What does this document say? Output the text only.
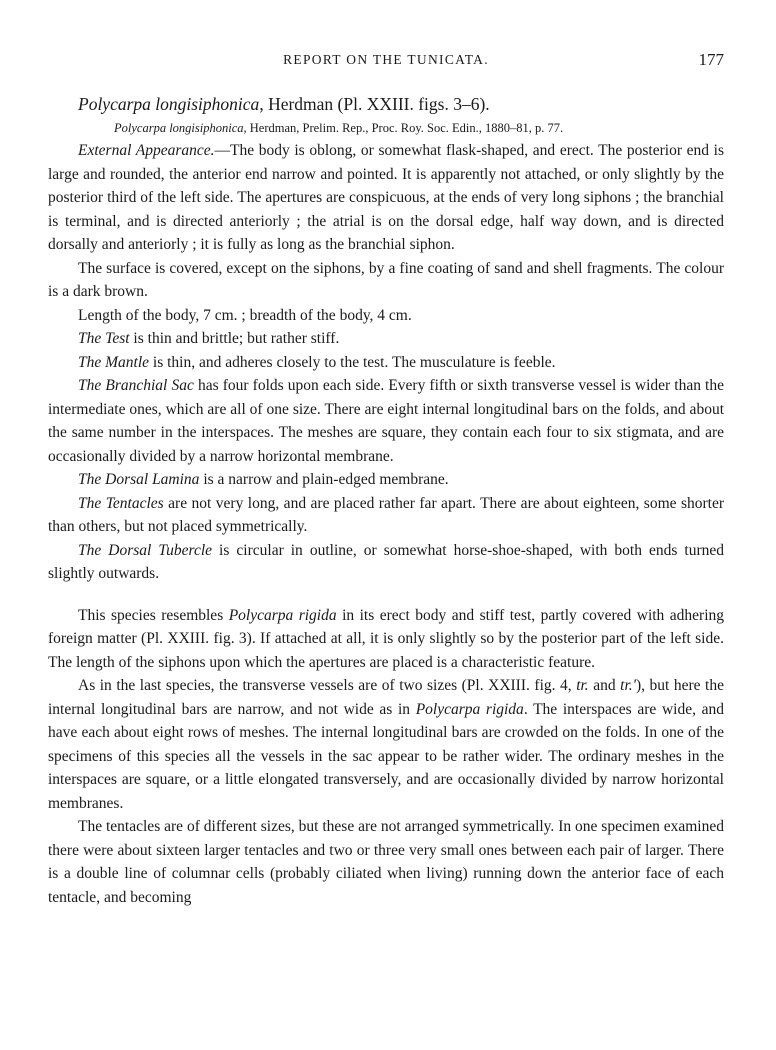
REPORT ON THE TUNICATA.	177
Polycarpa longisiphonica, Herdman (Pl. XXIII. figs. 3–6).
Polycarpa longisiphonica, Herdman, Prelim. Rep., Proc. Roy. Soc. Edin., 1880–81, p. 77.

External Appearance.—The body is oblong, or somewhat flask-shaped, and erect. The posterior end is large and rounded, the anterior end narrow and pointed. It is apparently not attached, or only slightly by the posterior third of the left side. The apertures are conspicuous, at the ends of very long siphons ; the branchial is terminal, and is directed anteriorly ; the atrial is on the dorsal edge, half way down, and is directed dorsally and anteriorly ; it is fully as long as the branchial siphon.

The surface is covered, except on the siphons, by a fine coating of sand and shell fragments. The colour is a dark brown.

Length of the body, 7 cm. ; breadth of the body, 4 cm.

The Test is thin and brittle; but rather stiff.

The Mantle is thin, and adheres closely to the test. The musculature is feeble.

The Branchial Sac has four folds upon each side. Every fifth or sixth transverse vessel is wider than the intermediate ones, which are all of one size. There are eight internal longitudinal bars on the folds, and about the same number in the interspaces. The meshes are square, they contain each four to six stigmata, and are occasionally divided by a narrow horizontal membrane.

The Dorsal Lamina is a narrow and plain-edged membrane.

The Tentacles are not very long, and are placed rather far apart. There are about eighteen, some shorter than others, but not placed symmetrically.

The Dorsal Tubercle is circular in outline, or somewhat horse-shoe-shaped, with both ends turned slightly outwards.

This species resembles Polycarpa rigida in its erect body and stiff test, partly covered with adhering foreign matter (Pl. XXIII. fig. 3). If attached at all, it is only slightly so by the posterior part of the left side. The length of the siphons upon which the apertures are placed is a characteristic feature.

As in the last species, the transverse vessels are of two sizes (Pl. XXIII. fig. 4, tr. and tr.'), but here the internal longitudinal bars are narrow, and not wide as in Polycarpa rigida. The interspaces are wide, and have each about eight rows of meshes. The internal longitudinal bars are crowded on the folds. In one of the specimens of this species all the vessels in the sac appear to be rather wider. The ordinary meshes in the interspaces are square, or a little elongated transversely, and are occasionally divided by narrow horizontal membranes.

The tentacles are of different sizes, but these are not arranged symmetrically. In one specimen examined there were about sixteen larger tentacles and two or three very small ones between each pair of larger. There is a double line of columnar cells (probably ciliated when living) running down the anterior face of each tentacle, and becoming
